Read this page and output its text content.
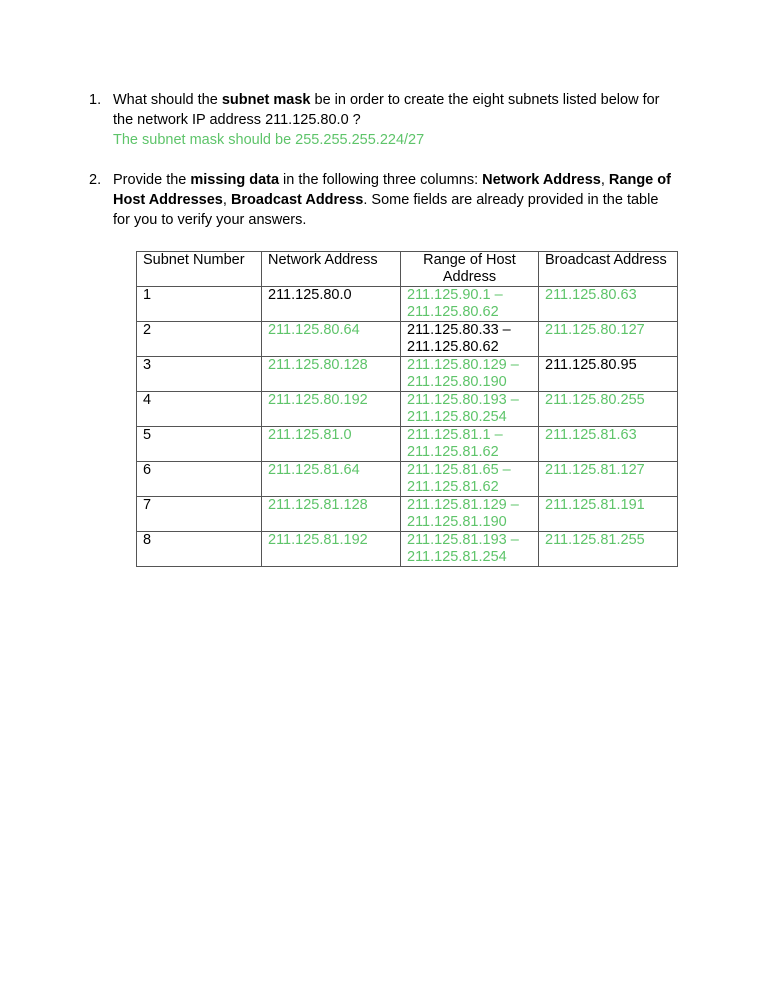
1. What should the subnet mask be in order to create the eight subnets listed below for the network IP address 211.125.80.0 ?
The subnet mask should be 255.255.255.224/27
2. Provide the missing data in the following three columns: Network Address, Range of Host Addresses, Broadcast Address. Some fields are already provided in the table for you to verify your answers.
Subnet Number	Network Address	Range of Host Address	Broadcast Address
1	211.125.80.0	211.125.90.1 –
211.125.80.62	211.125.80.63
2	211.125.80.64	211.125.80.33 –
211.125.80.62	211.125.80.127
3	211.125.80.128	211.125.80.129 –
211.125.80.190	211.125.80.95
4	211.125.80.192	211.125.80.193 –
211.125.80.254	211.125.80.255
5	211.125.81.0	211.125.81.1 –
211.125.81.62	211.125.81.63
6	211.125.81.64	211.125.81.65 –
211.125.81.62	211.125.81.127
7	211.125.81.128	211.125.81.129 –
211.125.81.190	211.125.81.191
8	211.125.81.192	211.125.81.193 –
211.125.81.254	211.125.81.255
